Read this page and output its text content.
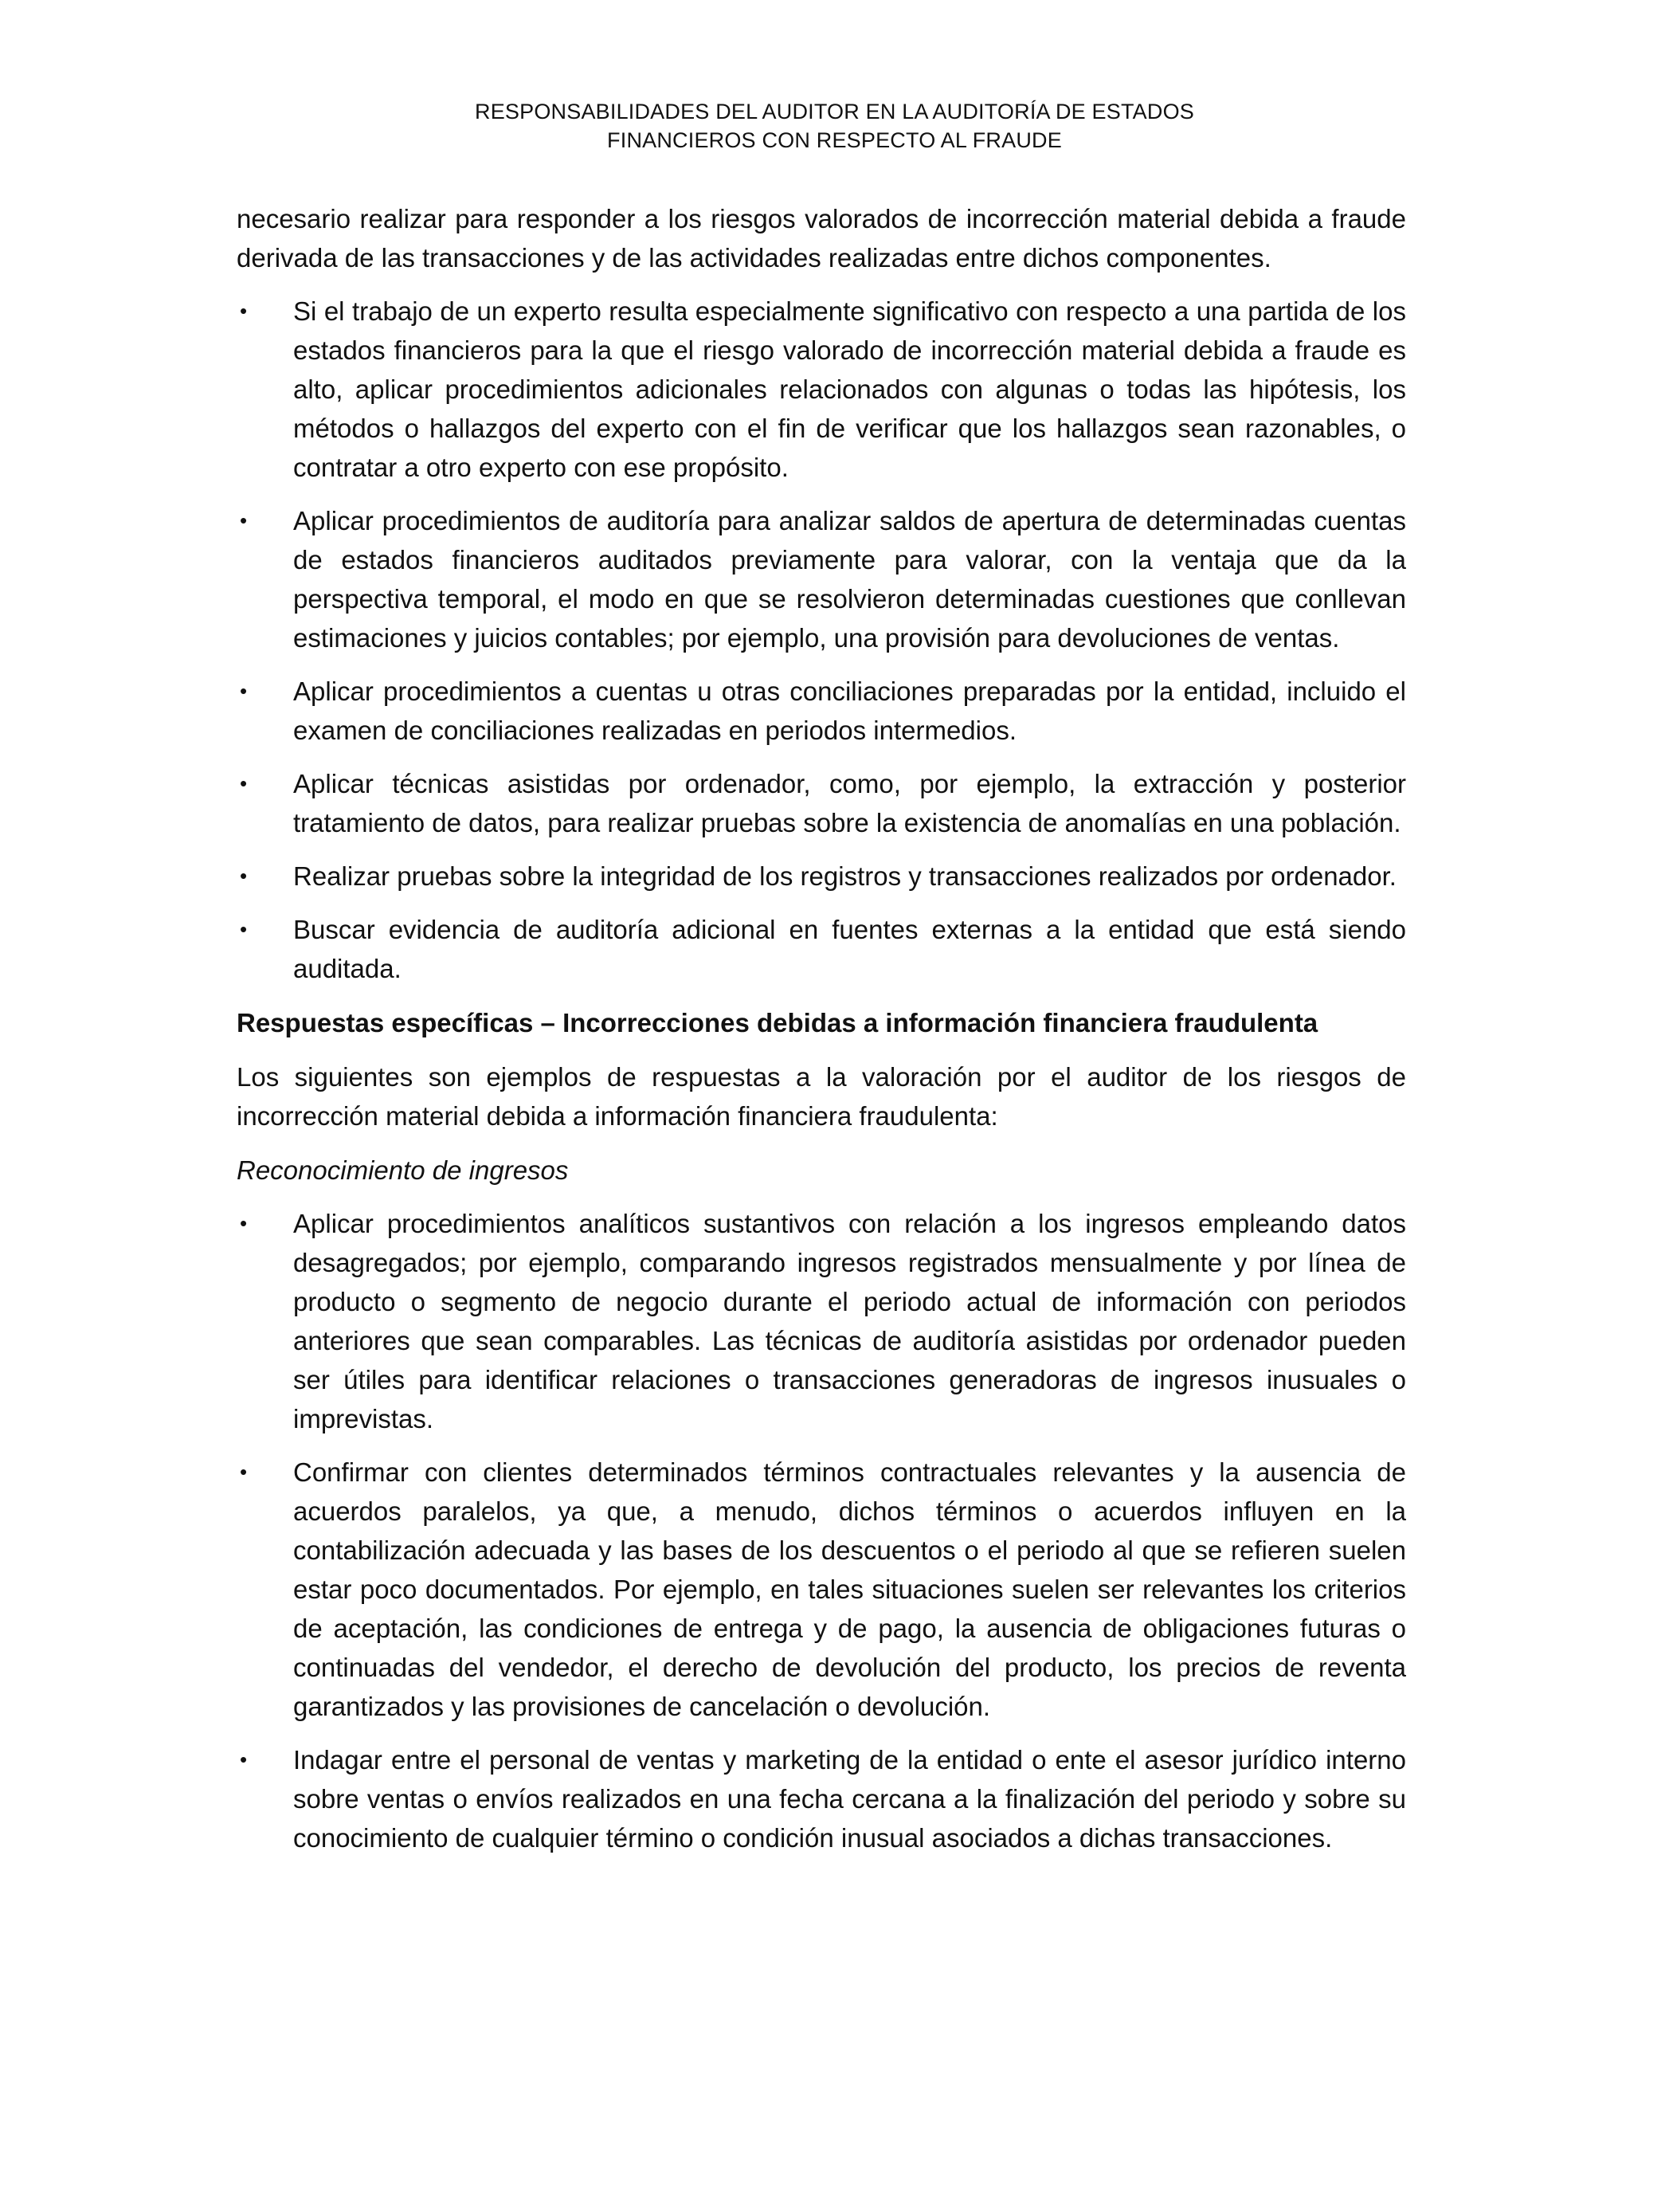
RESPONSABILIDADES DEL AUDITOR EN LA AUDITORÍA DE ESTADOS
FINANCIEROS CON RESPECTO AL FRAUDE

necesario realizar para responder a los riesgos valorados de incorrección material debida a fraude derivada de las transacciones y de las actividades realizadas entre dichos componentes.

• Si el trabajo de un experto resulta especialmente significativo con respecto a una partida de los estados financieros para la que el riesgo valorado de incorrección material debida a fraude es alto, aplicar procedimientos adicionales relacionados con algunas o todas las hipótesis, los métodos o hallazgos del experto con el fin de verificar que los hallazgos sean razonables, o contratar a otro experto con ese propósito.
• Aplicar procedimientos de auditoría para analizar saldos de apertura de determinadas cuentas de estados financieros auditados previamente para valorar, con la ventaja que da la perspectiva temporal, el modo en que se resolvieron determinadas cuestiones que conllevan estimaciones y juicios contables; por ejemplo, una provisión para devoluciones de ventas.
• Aplicar procedimientos a cuentas u otras conciliaciones preparadas por la entidad, incluido el examen de conciliaciones realizadas en periodos intermedios.
• Aplicar técnicas asistidas por ordenador, como, por ejemplo, la extracción y posterior tratamiento de datos, para realizar pruebas sobre la existencia de anomalías en una población.
• Realizar pruebas sobre la integridad de los registros y transacciones realizados por ordenador.
• Buscar evidencia de auditoría adicional en fuentes externas a la entidad que está siendo auditada.

Respuestas específicas – Incorrecciones debidas a información financiera fraudulenta

Los siguientes son ejemplos de respuestas a la valoración por el auditor de los riesgos de incorrección material debida a información financiera fraudulenta:

Reconocimiento de ingresos

• Aplicar procedimientos analíticos sustantivos con relación a los ingresos empleando datos desagregados; por ejemplo, comparando ingresos registrados mensualmente y por línea de producto o segmento de negocio durante el periodo actual de información con periodos anteriores que sean comparables. Las técnicas de auditoría asistidas por ordenador pueden ser útiles para identificar relaciones o transacciones generadoras de ingresos inusuales o imprevistas.
• Confirmar con clientes determinados términos contractuales relevantes y la ausencia de acuerdos paralelos, ya que, a menudo, dichos términos o acuerdos influyen en la contabilización adecuada y las bases de los descuentos o el periodo al que se refieren suelen estar poco documentados. Por ejemplo, en tales situaciones suelen ser relevantes los criterios de aceptación, las condiciones de entrega y de pago, la ausencia de obligaciones futuras o continuadas del vendedor, el derecho de devolución del producto, los precios de reventa garantizados y las provisiones de cancelación o devolución.
• Indagar entre el personal de ventas y marketing de la entidad o ente el asesor jurídico interno sobre ventas o envíos realizados en una fecha cercana a la finalización del periodo y sobre su conocimiento de cualquier término o condición inusual asociados a dichas transacciones.
